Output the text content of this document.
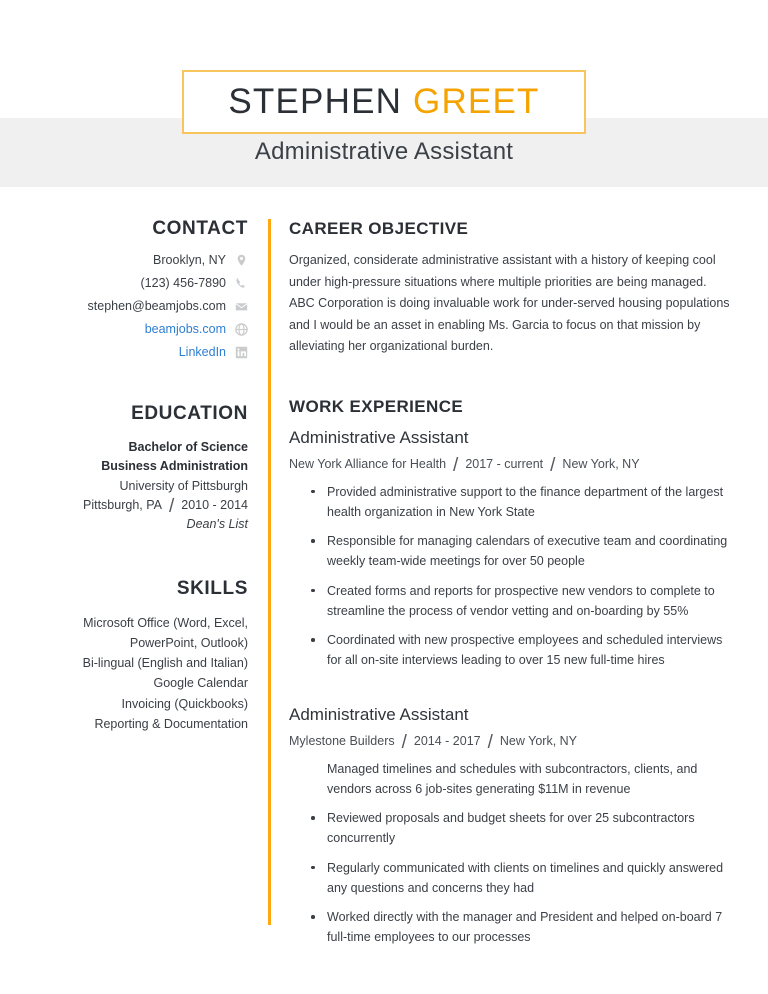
STEPHEN GREET
Administrative Assistant
CONTACT
Brooklyn, NY
(123) 456-7890
stephen@beamjobs.com
beamjobs.com
LinkedIn
EDUCATION
Bachelor of Science
Business Administration
University of Pittsburgh
Pittsburgh, PA / 2010 - 2014
Dean's List
SKILLS
Microsoft Office (Word, Excel,
PowerPoint, Outlook)
Bi-lingual (English and Italian)
Google Calendar
Invoicing (Quickbooks)
Reporting & Documentation
CAREER OBJECTIVE

Organized, considerate administrative assistant with a history of keeping cool under high-pressure situations where multiple priorities are being managed. ABC Corporation is doing invaluable work for under-served housing populations and I would be an asset in enabling Ms. Garcia to focus on that mission by alleviating her organizational burden.

WORK EXPERIENCE
Administrative Assistant
New York Alliance for Health / 2017 - current / New York, NY
Provided administrative support to the finance department of the largest health organization in New York State
Responsible for managing calendars of executive team and coordinating weekly team-wide meetings for over 50 people
Created forms and reports for prospective new vendors to complete to streamline the process of vendor vetting and on-boarding by 55%
Coordinated with new prospective employees and scheduled interviews for all on-site interviews leading to over 15 new full-time hires
Administrative Assistant
Mylestone Builders / 2014 - 2017 / New York, NY
Managed timelines and schedules with subcontractors, clients, and vendors across 6 job-sites generating $11M in revenue
Reviewed proposals and budget sheets for over 25 subcontractors concurrently
Regularly communicated with clients on timelines and quickly answered any questions and concerns they had
Worked directly with the manager and President and helped on-board 7 full-time employees to our processes
